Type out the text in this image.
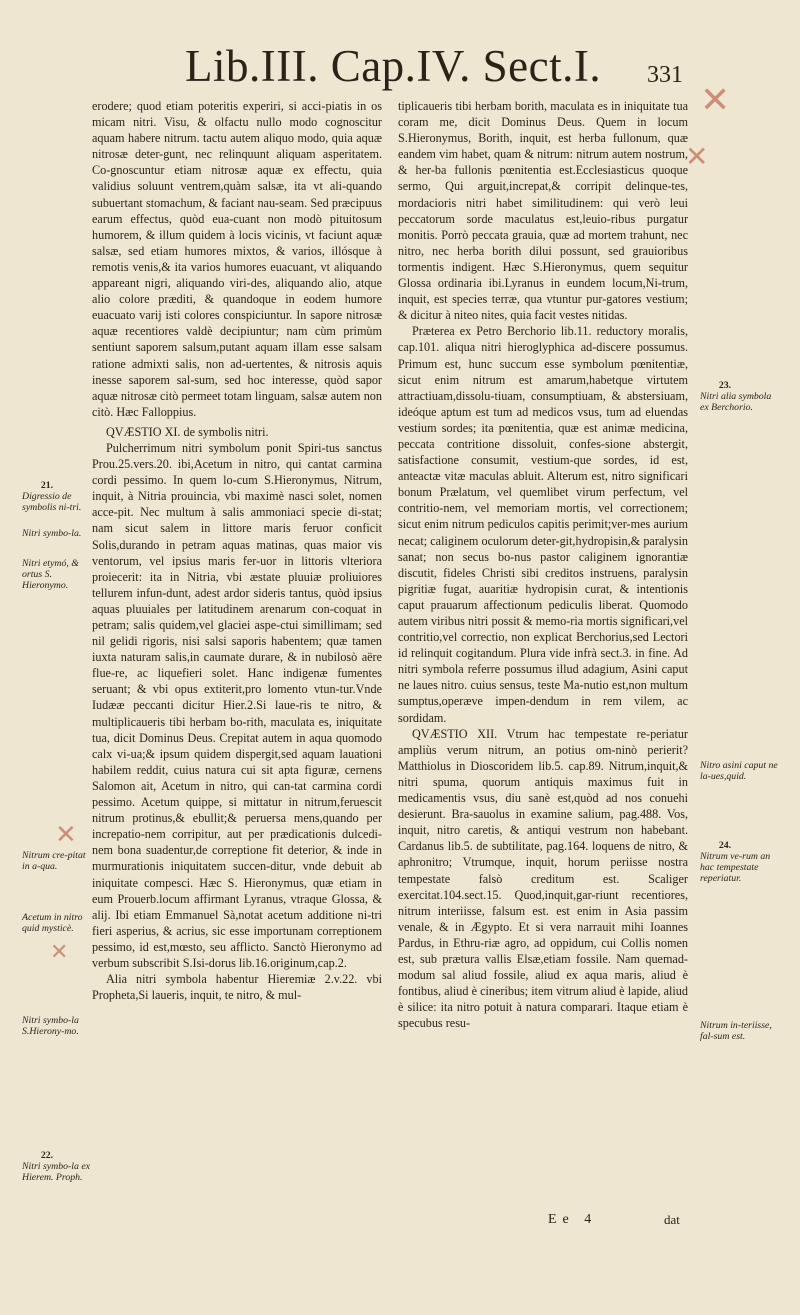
Lib.III. Cap.IV. Sect.I. 331
✕
✕
✕
✕

erodere; quod etiam poteritis experiri, si acci-piatis in os micam nitri. Visu, & olfactu nullo modo cognoscitur aquam habere nitrum. tactu autem aliquo modo, quia aquæ nitrosæ deter-gunt, nec relinquunt aliquam asperitatem. Co-gnoscuntur etiam nitrosæ aquæ ex effectu, quia validius soluunt ventrem,quàm salsæ, ita vt ali-quando subuertant stomachum, & faciant nau-seam. Sed præcipuus earum effectus, quòd eua-cuant non modò pituitosum humorem, & illum quidem à locis vicinis, vt faciunt aquæ salsæ, sed etiam humores mixtos, & varios, illósque à remotis venis,& ita varios humores euacuant, vt aliquando appareant nigri, aliquando viri-des, aliquando alio, atque alio colore præditi, & quandoque in eodem humore euacuato varij isti colores conspiciuntur. In sapore nitrosæ aquæ recentiores valdè decipiuntur; nam cùm primùm sentiunt saporem salsum,putant aquam illam esse salsam ratione admixti salis, non ad-uertentes, & nitrosis aquis inesse saporem sal-sum, sed hoc interesse, quòd sapor aquæ nitrosæ citò permeet totam linguam, salsæ autem non citò. Hæc Falloppius.

QVÆSTIO XI. de symbolis nitri.

Pulcherrimum nitri symbolum ponit Spiri-tus sanctus Prou.25.vers.20. ibi,Acetum in nitro, qui cantat carmina cordi pessimo. In quem lo-cum S.Hieronymus, Nitrum, inquit, à Nitria prouincia, vbi maximè nasci solet, nomen acce-pit. Nec multum à salis ammoniaci specie di-stat; nam sicut salem in littore maris feruor conficit Solis,durando in petram aquas matinas, quas maior vis ventorum, vel ipsius maris fer-uor in littoris vlteriora proiecerit: ita in Nitria, vbi æstate pluuiæ proliuiores tellurem infun-dunt, adest ardor sideris tantus, quòd ipsius aquas pluuiales per latitudinem arenarum con-coquat in petram; salis quidem,vel glaciei aspe-ctui simillimam; sed nil gelidi rigoris, nisi salsi saporis habentem; quæ tamen iuxta naturam salis,in caumate durare, & in nubilosò aëre flue-re, ac liquefieri solet. Hanc indigenæ fumentes seruant; & vbi opus extiterit,pro lomento vtun-tur.Vnde Iudææ peccanti dicitur Hier.2.Si laue-ris te nitro, & multiplicaueris tibi herbam bo-rith, maculata es, iniquitate tua, dicit Dominus Deus. Crepitat autem in aqua quomodo calx vi-ua;& ipsum quidem dispergit,sed aquam lauationi habilem reddit, cuius natura cui sit apta figuræ, cernens Salomon ait, Acetum in nitro, qui can-tat carmina cordi pessimo. Acetum quippe, si mittatur in nitrum,feruescit nitrum protinus,& ebullit;& peruersa mens,quando per increpatio-nem corripitur, aut per prædicationis dulcedi-nem bona suadentur,de correptione fit deterior, & inde in murmurationis iniquitatem succen-ditur, vnde debuit ab iniquitate compesci. Hæc S. Hieronymus, quæ etiam in eum Prouerb.locum affirmant Lyranus, vtraque Glossa, & alij. Ibi etiam Emmanuel Sà,notat acetum additione ni-tri fieri asperius, & acrius, sic esse importunam correptionem pessimo, id est,mœsto, seu afflicto. Sanctò Hieronymo ad verbum subscribit S.Isi-dorus lib.16.originum,cap.2.

Alia nitri symbola habentur Hieremiæ 2.v.22. vbi Propheta,Si laueris, inquit, te nitro, & mul-

tiplicaueris tibi herbam borith, maculata es in iniquitate tua coram me, dicit Dominus Deus. Quem in locum S.Hieronymus, Borith, inquit, est herba fullonum, quæ eandem vim habet, quam & nitrum: nitrum autem nostrum, & her-ba fullonis pœnitentia est.Ecclesiasticus quoque sermo, Qui arguit,increpat,& corripit delinque-tes, mordacioris nitri habet similitudinem: qui verò leui peccatorum sorde maculatus est,leuio-ribus purgatur monitis. Porrò peccata grauia, quæ ad mortem trahunt, nec nitro, nec herba borith dilui possunt, sed grauioribus tormentis indigent. Hæc S.Hieronymus, quem sequitur Glossa ordinaria ibi.Lyranus in eundem locum,Ni-trum, inquit, est species terræ, qua vtuntur pur-gatores vestium; & dicitur à niteo nites, quia facit vestes nitidas.

Præterea ex Petro Berchorio lib.11. reductory moralis, cap.101. aliqua nitri hieroglyphica ad-discere possumus. Primum est, hunc succum esse symbolum pœnitentiæ, sicut enim nitrum est amarum,habetque virtutem attractiuam,dissolu-tiuam, consumptiuam, & abstersiuam, ideóque aptum est tum ad medicos vsus, tum ad eluendas vestium sordes; ita pœnitentia, quæ est animæ medicina, peccata contritione dissoluit, confes-sione abstergit, satisfactione consumit, vestium-que sordes, id est, anteactæ vitæ maculas abluit. Alterum est, nitro significari bonum Prælatum, vel quemlibet virum perfectum, vel contritio-nem, vel memoriam mortis, vel correctionem; sicut enim nitrum pediculos capitis perimit;ver-mes aurium necat; caliginem oculorum deter-git,hydropisin,& paralysin sanat; non secus bo-nus pastor caliginem ignorantiæ discutit, fideles Christi sibi creditos instruens, paralysin pigritiæ fugat, auaritiæ hydropisin curat, & intentionis caput prauarum affectionum pediculis liberat. Quomodo autem viribus nitri possit & memo-ria mortis significari,vel contritio,vel correctio, non explicat Berchorius,sed Lectori id relinquit cogitandum. Plura vide infrà sect.3. in fine. Ad nitri symbola referre possumus illud adagium, Asini caput ne laues nitro. cuius sensus, teste Ma-nutio est,non multum sumptus,operæve impen-dendum in rem vilem, ac sordidam.

QVÆSTIO XII. Vtrum hac tempestate re-periatur ampliùs verum nitrum, an potius om-ninò perierit? Matthiolus in Dioscoridem lib.5. cap.89. Nitrum,inquit,& nitri spuma, quorum antiquis maximus fuit in medicamentis vsus, diu sanè est,quòd ad nos conuehi desierunt. Bra-sauolus in examine salium, pag.488. Vos, inquit, nitro caretis, & antiqui vestrum non habebant. Cardanus lib.5. de subtilitate, pag.164. loquens de nitro, & aphronitro; Vtrumque, inquit, horum periisse nostra tempestate falsò creditum est. Scaliger exercitat.104.sect.15. Quod,inquit,gar-riunt recentiores, nitrum interiisse, falsum est. est enim in Asia passim venale, & in Ægypto. Et si vera narrauit mihi Ioannes Pardus, in Ethru-riæ agro, ad oppidum, cui Collis nomen est, sub prætura vallis Elsæ,etiam fossile. Nam quemad-modum sal aliud fossile, aliud ex aqua maris, aliud è fontibus, aliud è cineribus; item vitrum aliud è lapide, aliud è silice: ita nitro potuit à natura comparari. Itaque etiam è specubus resu-

21.
Digressio de symbolis ni-tri.
Nitri symbo-la.
Nitri etymó, & ortus S. Hieronymo.
Nitrum cre-pitat in a-qua.
Acetum in nitro quid mysticè.
Nitri symbo-la S.Hierony-mo.
22.
Nitri symbo-la ex Hierem. Proph.
23.
Nitri alia symbola ex Berchorio.
Nitro asini caput ne la-ues,quid.
24.
Nitrum ve-rum an hac tempestate reperiatur.
Nitrum in-teriisse, fal-sum est.
Ee 4	dat
